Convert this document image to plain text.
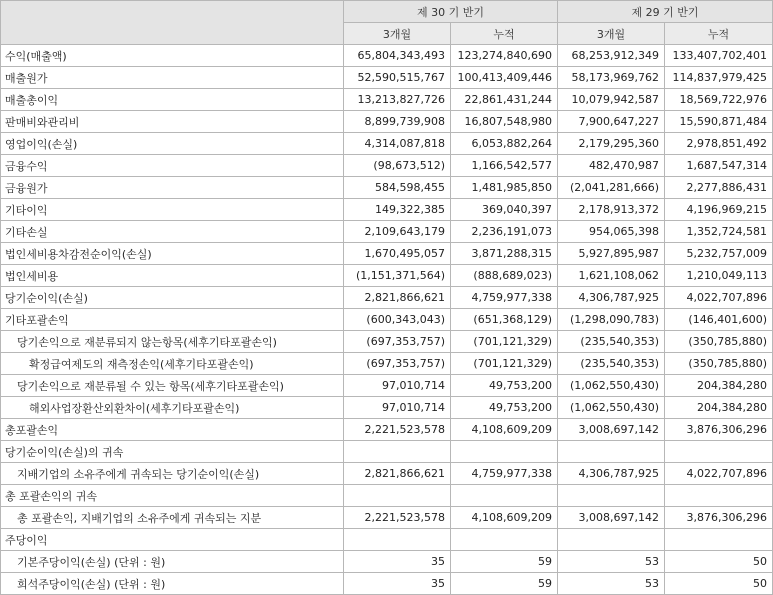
	제 30 기 반기		제 29 기 반기	
	3개월	누적	3개월	누적
수익(매출액)	65,804,343,493	123,274,840,690	68,253,912,349	133,407,702,401
매출원가	52,590,515,767	100,413,409,446	58,173,969,762	114,837,979,425
매출총이익	13,213,827,726	22,861,431,244	10,079,942,587	18,569,722,976
판매비와관리비	8,899,739,908	16,807,548,980	7,900,647,227	15,590,871,484
영업이익(손실)	4,314,087,818	6,053,882,264	2,179,295,360	2,978,851,492
금융수익	(98,673,512)	1,166,542,577	482,470,987	1,687,547,314
금융원가	584,598,455	1,481,985,850	(2,041,281,666)	2,277,886,431
기타이익	149,322,385	369,040,397	2,178,913,372	4,196,969,215
기타손실	2,109,643,179	2,236,191,073	954,065,398	1,352,724,581
법인세비용차감전순이익(손실)	1,670,495,057	3,871,288,315	5,927,895,987	5,232,757,009
법인세비용	(1,151,371,564)	(888,689,023)	1,621,108,062	1,210,049,113
당기순이익(손실)	2,821,866,621	4,759,977,338	4,306,787,925	4,022,707,896
기타포괄손익	(600,343,043)	(651,368,129)	(1,298,090,783)	(146,401,600)
당기손익으로 재분류되지 않는항목(세후기타포괄손익)	(697,353,757)	(701,121,329)	(235,540,353)	(350,785,880)
확정급여제도의 재측정손익(세후기타포괄손익)	(697,353,757)	(701,121,329)	(235,540,353)	(350,785,880)
당기손익으로 재분류될 수 있는 항목(세후기타포괄손익)	97,010,714	49,753,200	(1,062,550,430)	204,384,280
해외사업장환산외환차이(세후기타포괄손익)	97,010,714	49,753,200	(1,062,550,430)	204,384,280
총포괄손익	2,221,523,578	4,108,609,209	3,008,697,142	3,876,306,296
당기순이익(손실)의 귀속				
지배기업의 소유주에게 귀속되는 당기순이익(손실)	2,821,866,621	4,759,977,338	4,306,787,925	4,022,707,896
총 포괄손익의 귀속				
총 포괄손익, 지배기업의 소유주에게 귀속되는 지분	2,221,523,578	4,108,609,209	3,008,697,142	3,876,306,296
주당이익				
기본주당이익(손실) (단위 : 원)	35	59	53	50
희석주당이익(손실) (단위 : 원)	35	59	53	50
